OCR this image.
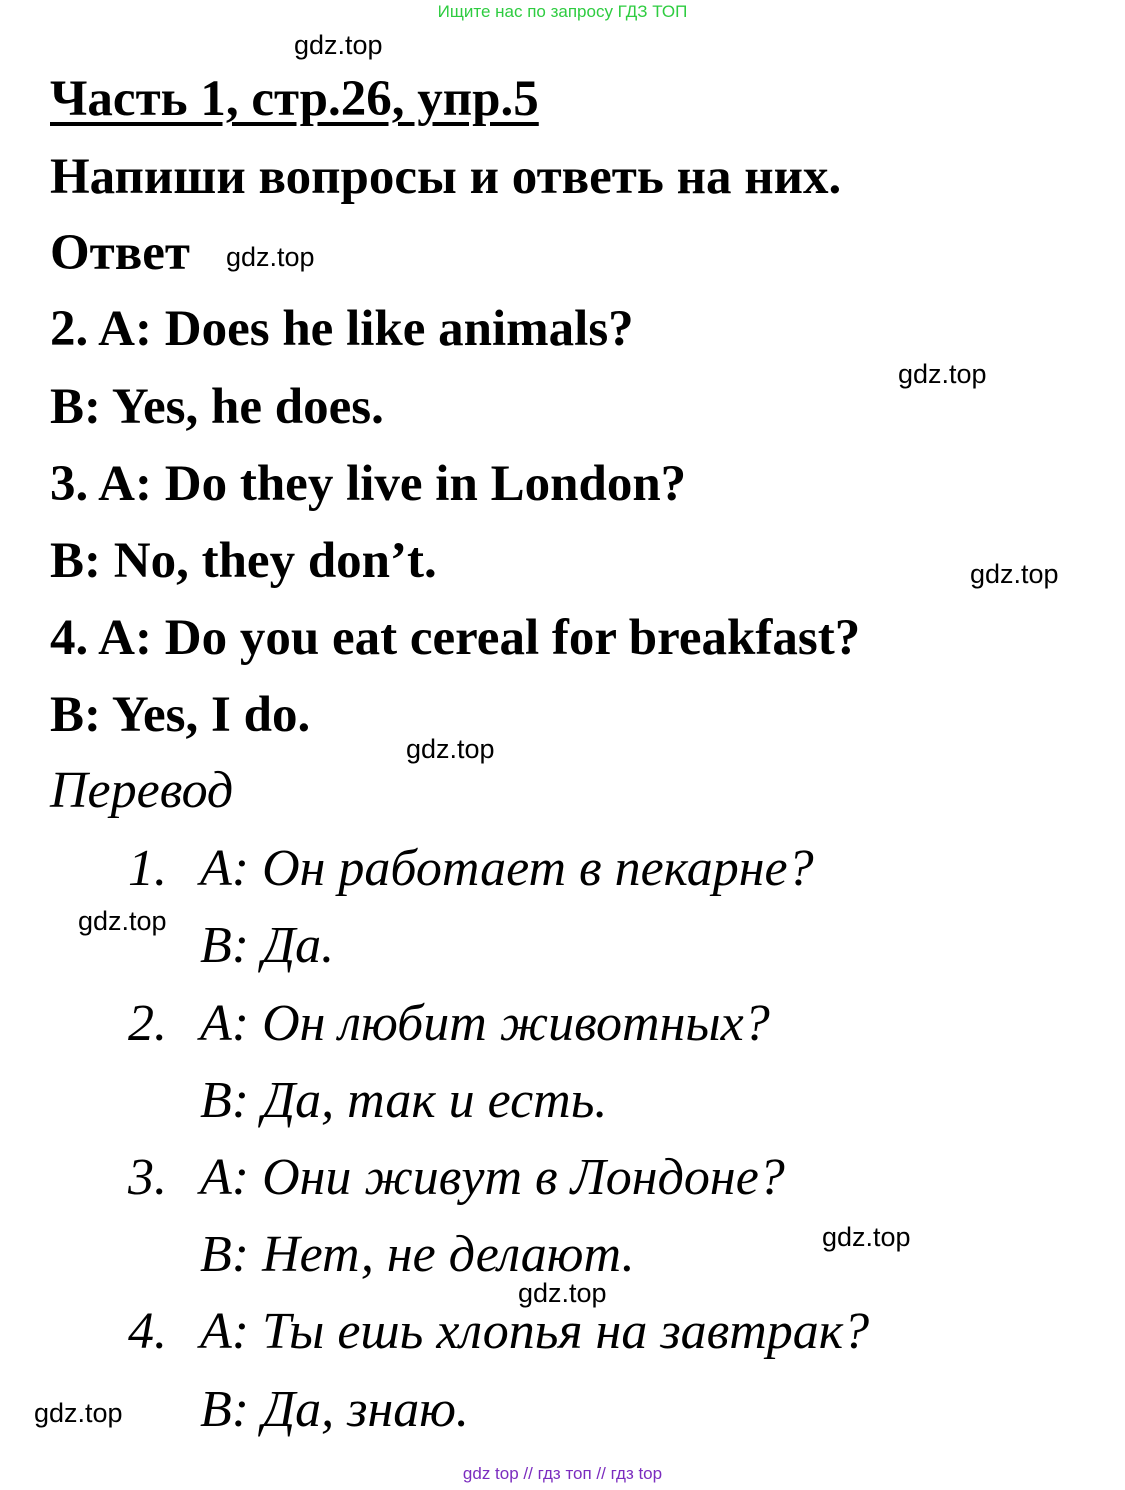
Ищите нас по запросу ГДЗ ТОП
Часть 1, стр.26, упр.5
Напиши вопросы и ответь на них.
Ответ
2. A: Does he like animals?
B: Yes, he does.
3. A: Do they live in London?
B: No, they don’t.
4. A: Do you eat cereal for breakfast?
B: Yes, I do.
Перевод
1. A: Он работает в пекарне?
B: Да.
2. A: Он любит животных?
B: Да, так и есть.
3. A: Они живут в Лондоне?
B: Нет, не делают.
4. A: Ты ешь хлопья на завтрак?
B: Да, знаю.
gdz.top
gdz.top
gdz.top
gdz.top
gdz.top
gdz.top
gdz.top
gdz.top
gdz.top
gdz top // гдз топ // гдз top
